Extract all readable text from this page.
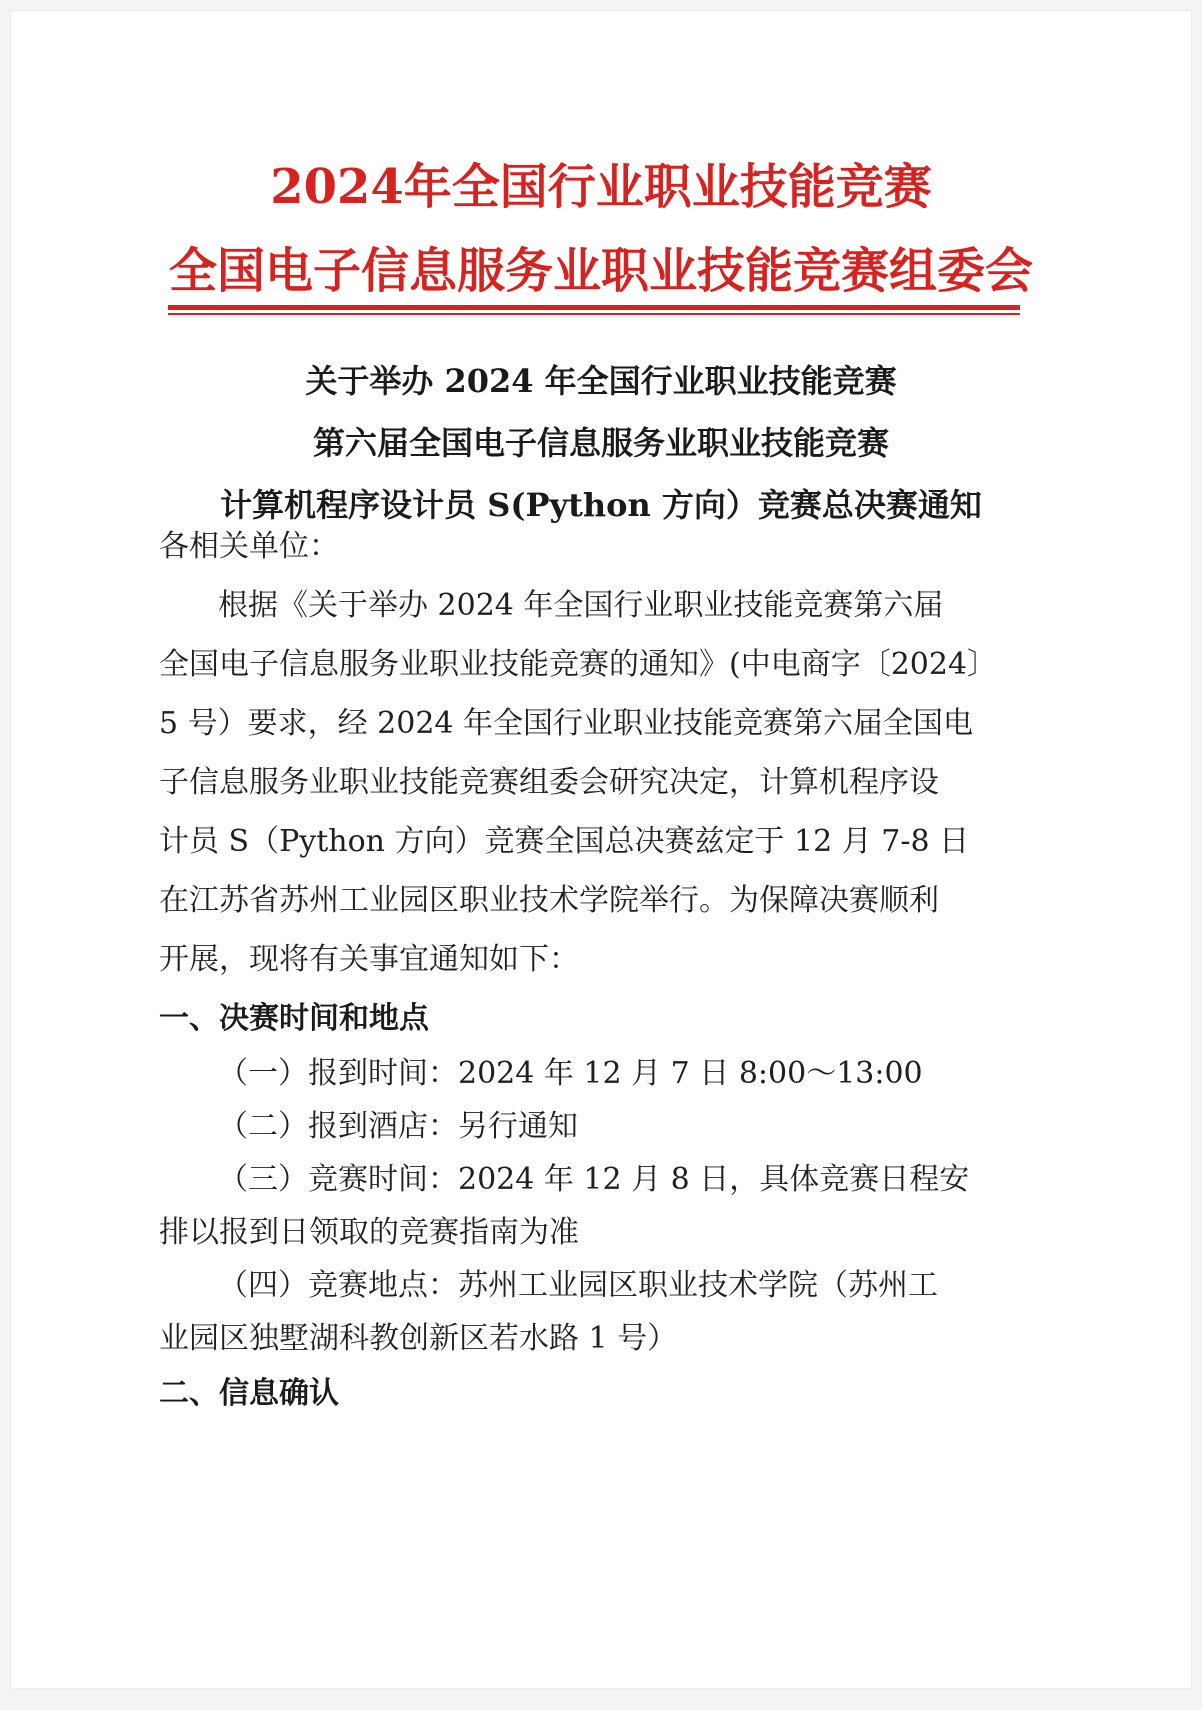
2024年全国行业职业技能竞赛
全国电子信息服务业职业技能竞赛组委会
关于举办 2024 年全国行业职业技能竞赛
第六届全国电子信息服务业职业技能竞赛
计算机程序设计员 S(Python 方向）竞赛总决赛通知
各相关单位：
根据《关于举办 2024 年全国行业职业技能竞赛第六届
全国电子信息服务业职业技能竞赛的通知》(中电商字〔2024〕
5 号）要求，经 2024 年全国行业职业技能竞赛第六届全国电
子信息服务业职业技能竞赛组委会研究决定，计算机程序设
计员 S（Python 方向）竞赛全国总决赛兹定于 12 月 7-8 日
在江苏省苏州工业园区职业技术学院举行。为保障决赛顺利
开展，现将有关事宜通知如下：
一、决赛时间和地点
（一）报到时间：2024 年 12 月 7 日 8:00～13:00
（二）报到酒店：另行通知
（三）竞赛时间：2024 年 12 月 8 日，具体竞赛日程安
排以报到日领取的竞赛指南为准
（四）竞赛地点：苏州工业园区职业技术学院（苏州工
业园区独墅湖科教创新区若水路 1 号）
二、信息确认
